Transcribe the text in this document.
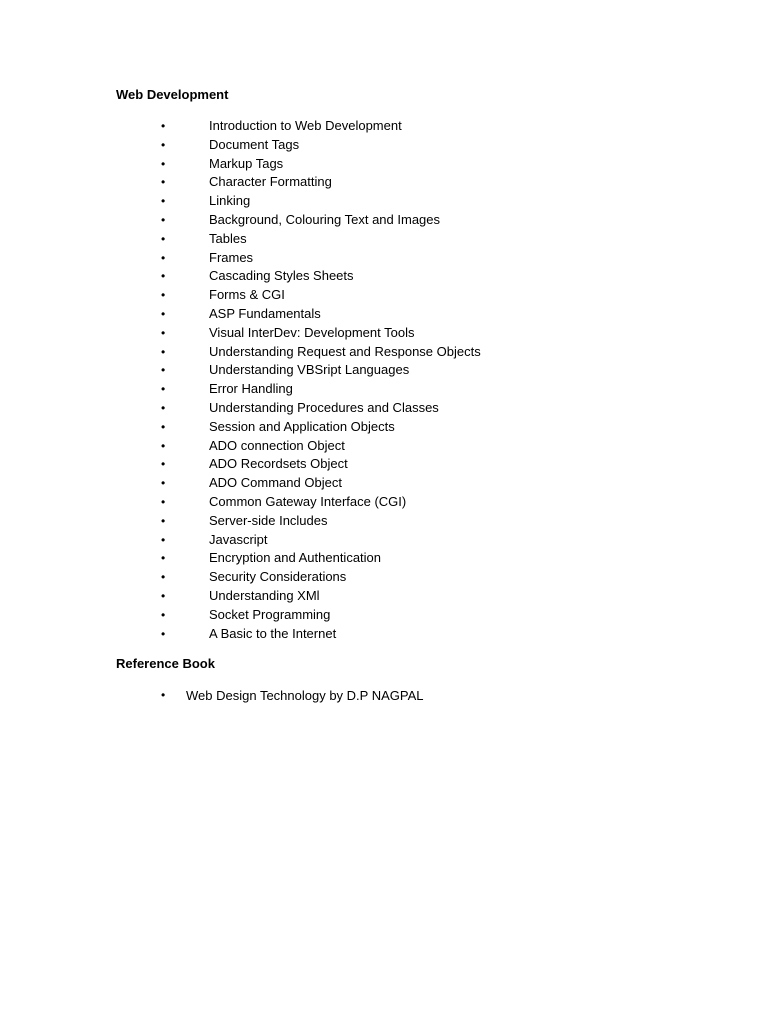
Web Development
•	Introduction to Web Development
•	Document Tags
•	Markup Tags
•	Character Formatting
•	Linking
•	Background, Colouring Text and Images
•	Tables
•	Frames
•	Cascading Styles Sheets
•	Forms & CGI
•	ASP Fundamentals
•	Visual InterDev: Development Tools
•	Understanding Request and Response Objects
•	Understanding VBSript Languages
•	Error Handling
•	Understanding Procedures and Classes
•	Session and Application Objects
•	ADO connection Object
•	ADO Recordsets Object
•	ADO Command Object
•	Common Gateway Interface (CGI)
•	Server-side Includes
•	Javascript
•	Encryption and Authentication
•	Security Considerations
•	Understanding XMl
•	Socket Programming
•	A Basic to the Internet
Reference Book
• Web Design Technology by D.P NAGPAL
